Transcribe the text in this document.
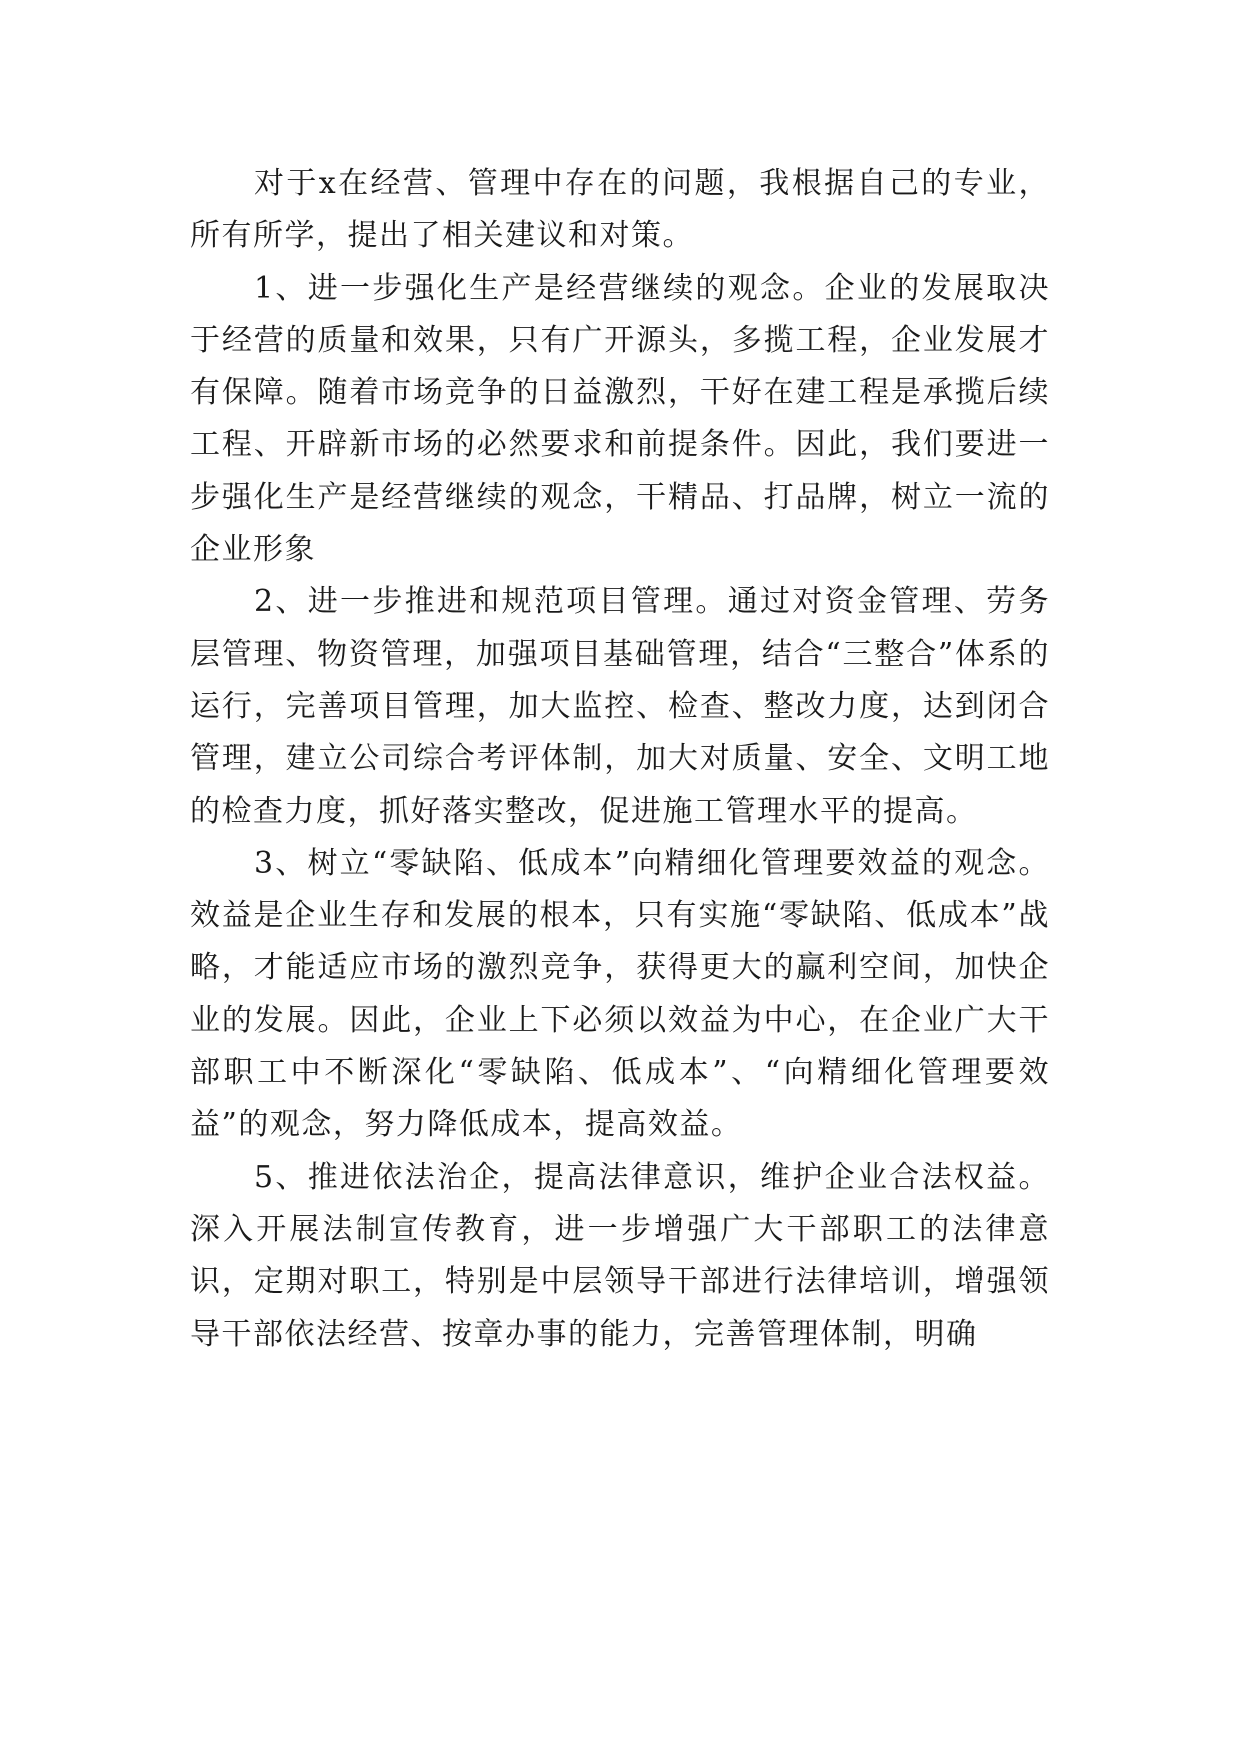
对于x在经营、管理中存在的问题，我根据自己的专业，所有所学，提出了相关建议和对策。

1、进一步强化生产是经营继续的观念。企业的发展取决于经营的质量和效果，只有广开源头，多揽工程，企业发展才有保障。随着市场竞争的日益激烈，干好在建工程是承揽后续工程、开辟新市场的必然要求和前提条件。因此，我们要进一步强化生产是经营继续的观念，干精品、打品牌，树立一流的企业形象

2、进一步推进和规范项目管理。通过对资金管理、劳务层管理、物资管理，加强项目基础管理，结合“三整合”体系的运行，完善项目管理，加大监控、检查、整改力度，达到闭合管理，建立公司综合考评体制，加大对质量、安全、文明工地的检查力度，抓好落实整改，促进施工管理水平的提高。

3、树立“零缺陷、低成本”向精细化管理要效益的观念。效益是企业生存和发展的根本，只有实施“零缺陷、低成本”战略，才能适应市场的激烈竞争，获得更大的赢利空间，加快企业的发展。因此，企业上下必须以效益为中心，在企业广大干部职工中不断深化“零缺陷、低成本”、“向精细化管理要效益”的观念，努力降低成本，提高效益。

5、推进依法治企，提高法律意识，维护企业合法权益。深入开展法制宣传教育，进一步增强广大干部职工的法律意识，定期对职工，特别是中层领导干部进行法律培训，增强领导干部依法经营、按章办事的能力，完善管理体制，明确
